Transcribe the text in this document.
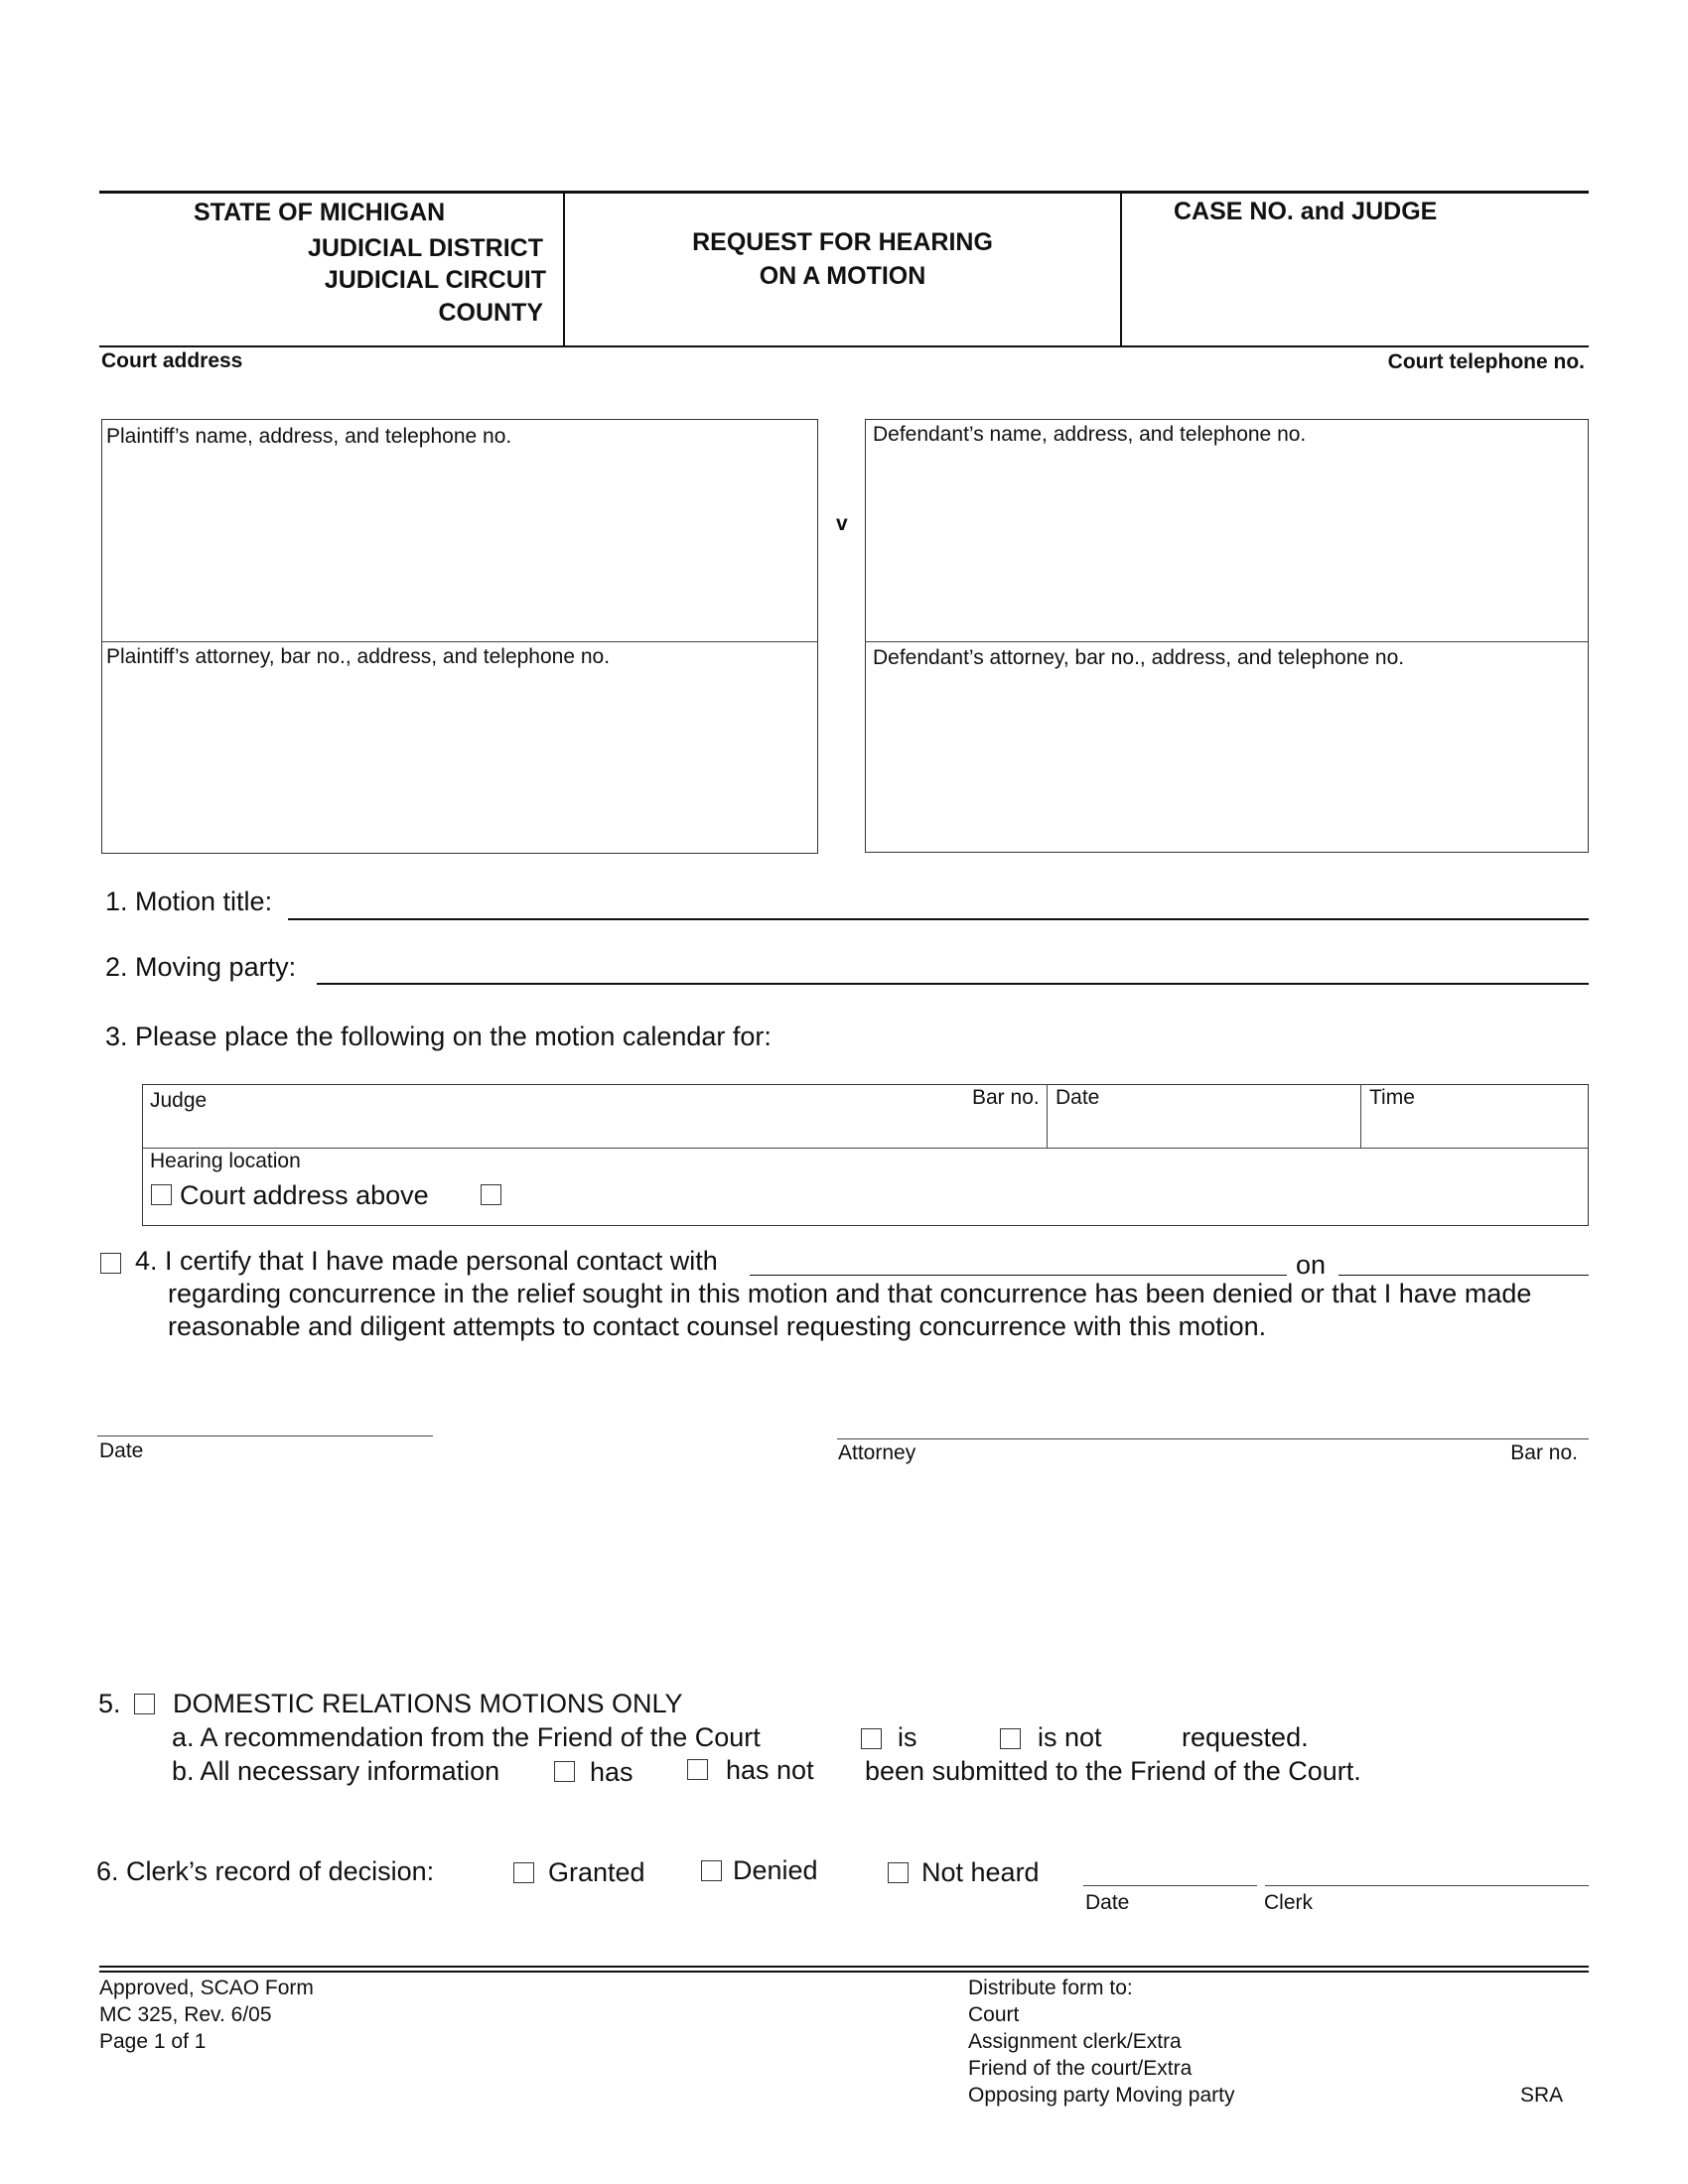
STATE OF MICHIGAN
JUDICIAL DISTRICT
JUDICIAL CIRCUIT
COUNTY
REQUEST FOR HEARING
ON A MOTION
CASE NO. and JUDGE
Court address	Court telephone no.
Plaintiff’s name, address, and telephone no.
Plaintiff’s attorney, bar no., address, and telephone no.
v
Defendant’s name, address, and telephone no.
Defendant’s attorney, bar no., address, and telephone no.
1. Motion title:
2. Moving party:
3. Please place the following on the motion calendar for:
Judge	Bar no. Date	Time
Hearing location
Court address above
4. I certify that I have made personal contact with	on
regarding concurrence in the relief sought in this motion and that concurrence has been denied or that I have made
reasonable and diligent attempts to contact counsel requesting concurrence with this motion.
Date	Attorney	Bar no.
5. DOMESTIC RELATIONS MOTIONS ONLY
a. A recommendation from the Friend of the Court	is	is not	requested.
b. All necessary information	has	has not been submitted to the Friend of the Court.
6. Clerk’s record of decision:	Granted	Denied	Not heard
Date	Clerk
Approved, SCAO Form
MC 325, Rev. 6/05
Page 1 of 1
Distribute form to:
Court
Assignment clerk/Extra
Friend of the court/Extra
Opposing party Moving party	SRA
